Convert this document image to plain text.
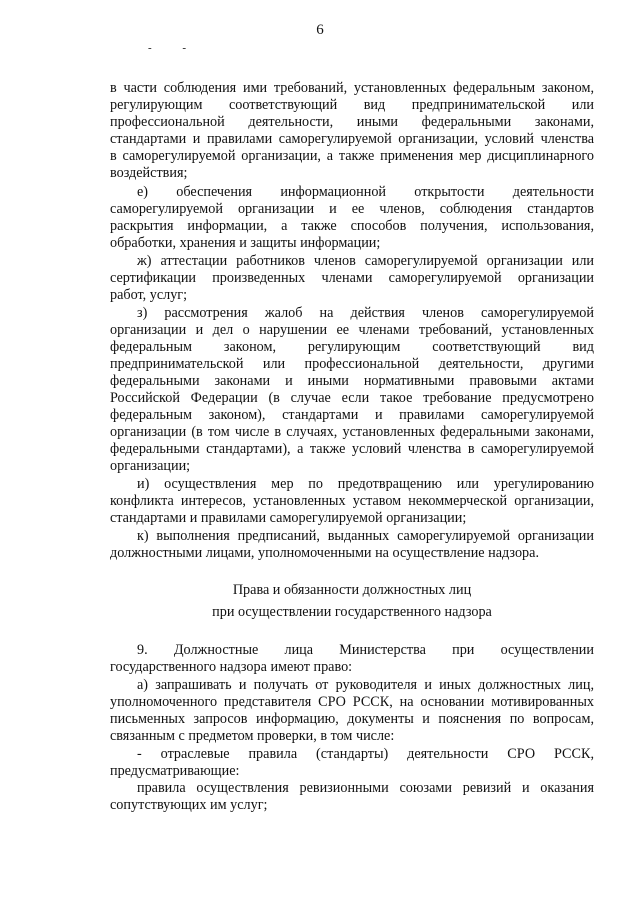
6
- -
в части соблюдения ими требований, установленных федеральным законом,
регулирующим соответствующий вид предпринимательской или
профессиональной деятельности, иными федеральными законами,
стандартами и правилами саморегулируемой организации, условий членства
в саморегулируемой организации, а также применения мер дисциплинарного
воздействия;
е) обеспечения информационной открытости деятельности
саморегулируемой организации и ее членов, соблюдения стандартов
раскрытия информации, а также способов получения, использования,
обработки, хранения и защиты информации;
ж) аттестации работников членов саморегулируемой организации или
сертификации произведенных членами саморегулируемой организации
работ, услуг;
з) рассмотрения жалоб на действия членов саморегулируемой
организации и дел о нарушении ее членами требований, установленных
федеральным законом, регулирующим соответствующий вид
предпринимательской или профессиональной деятельности, другими
федеральными законами и иными нормативными правовыми актами
Российской Федерации (в случае если такое требование предусмотрено
федеральным законом), стандартами и правилами саморегулируемой
организации (в том числе в случаях, установленных федеральными законами,
федеральными стандартами), а также условий членства в саморегулируемой
организации;
и) осуществления мер по предотвращению или урегулированию
конфликта интересов, установленных уставом некоммерческой организации,
стандартами и правилами саморегулируемой организации;
к) выполнения предписаний, выданных саморегулируемой организации
должностными лицами, уполномоченными на осуществление надзора.
Права и обязанности должностных лиц
при осуществлении государственного надзора
9. Должностные лица Министерства при осуществлении
государственного надзора имеют право:
а) запрашивать и получать от руководителя и иных должностных лиц,
уполномоченного представителя СРО РССК, на основании мотивированных
письменных запросов информацию, документы и пояснения по вопросам,
связанным с предметом проверки, в том числе:
- отраслевые правила (стандарты) деятельности СРО РССК,
предусматривающие:
правила осуществления ревизионными союзами ревизий и оказания
сопутствующих им услуг;
